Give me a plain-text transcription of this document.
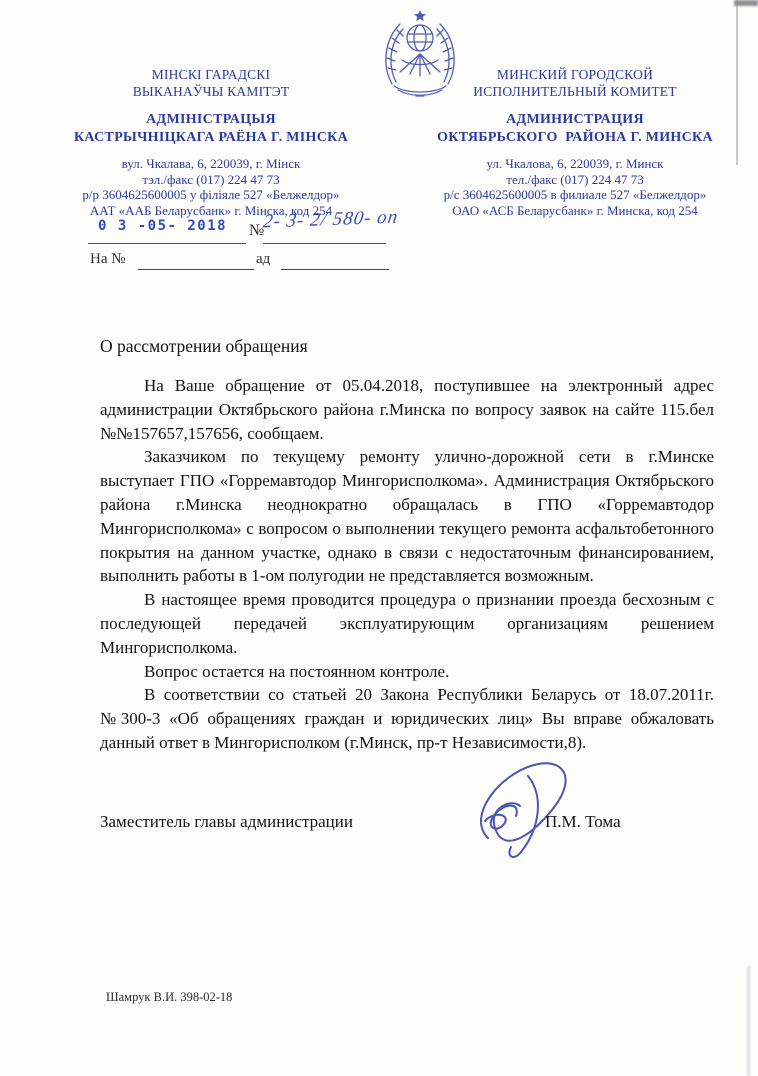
МІНСКІ ГАРАДСКІ
ВЫКАНАЎЧЫ КАМІТЭТ
АДМІНІСТРАЦЫЯ
КАСТРЫЧНІЦКАГА РАЁНА Г. МІНСКА
вул. Чкалава, 6, 220039, г. Мінск
тэл./факс (017) 224 47 73
р/р 3604625600005 у філіяле 527 «Белжелдор»
ААТ «ААБ Беларусбанк» г. Мінска, код 254
МИНСКИЙ ГОРОДСКОЙ
ИСПОЛНИТЕЛЬНЫЙ КОМИТЕТ
АДМИНИСТРАЦИЯ
ОКТЯБРЬСКОГО  РАЙОНА Г. МИНСКА
ул. Чкалова, 6, 220039, г. Минск
тел./факс (017) 224 47 73
р/с 3604625600005 в филиале 527 «Белжелдор»
ОАО «АСБ Беларусбанк» г. Минска, код 254
0 3 -05- 2018 №
2- 3- 2/ 580- оп
На №	ад
О рассмотрении обращения

На Ваше обращение от 05.04.2018, поступившее на электронный адрес администрации Октябрьского района г.Минска по вопросу заявок на сайте 115.бел №№157657,157656, сообщаем.

Заказчиком по текущему ремонту улично-дорожной сети в г.Минске выступает ГПО «Горремавтодор Мингорисполкома». Администрация Октябрьского района г.Минска неоднократно обращалась в ГПО «Горремавтодор Мингорисполкома» с вопросом о выполнении текущего ремонта асфальтобетонного покрытия на данном участке, однако в связи с недостаточным финансированием, выполнить работы в 1-ом полугодии не представляется возможным.

В настоящее время проводится процедура о признании проезда бесхозным с последующей передачей эксплуатирующим организациям решением Мингорисполкома.

Вопрос остается на постоянном контроле.

В соответствии со статьей 20 Закона Республики Беларусь от 18.07.2011г. №300-3 «Об обращениях граждан и юридических лиц» Вы вправе обжаловать данный ответ в Мингорисполком (г.Минск, пр-т Независимости,8).

Заместитель главы администрации	П.М. Тома
Шамрук В.И. 398-02-18
